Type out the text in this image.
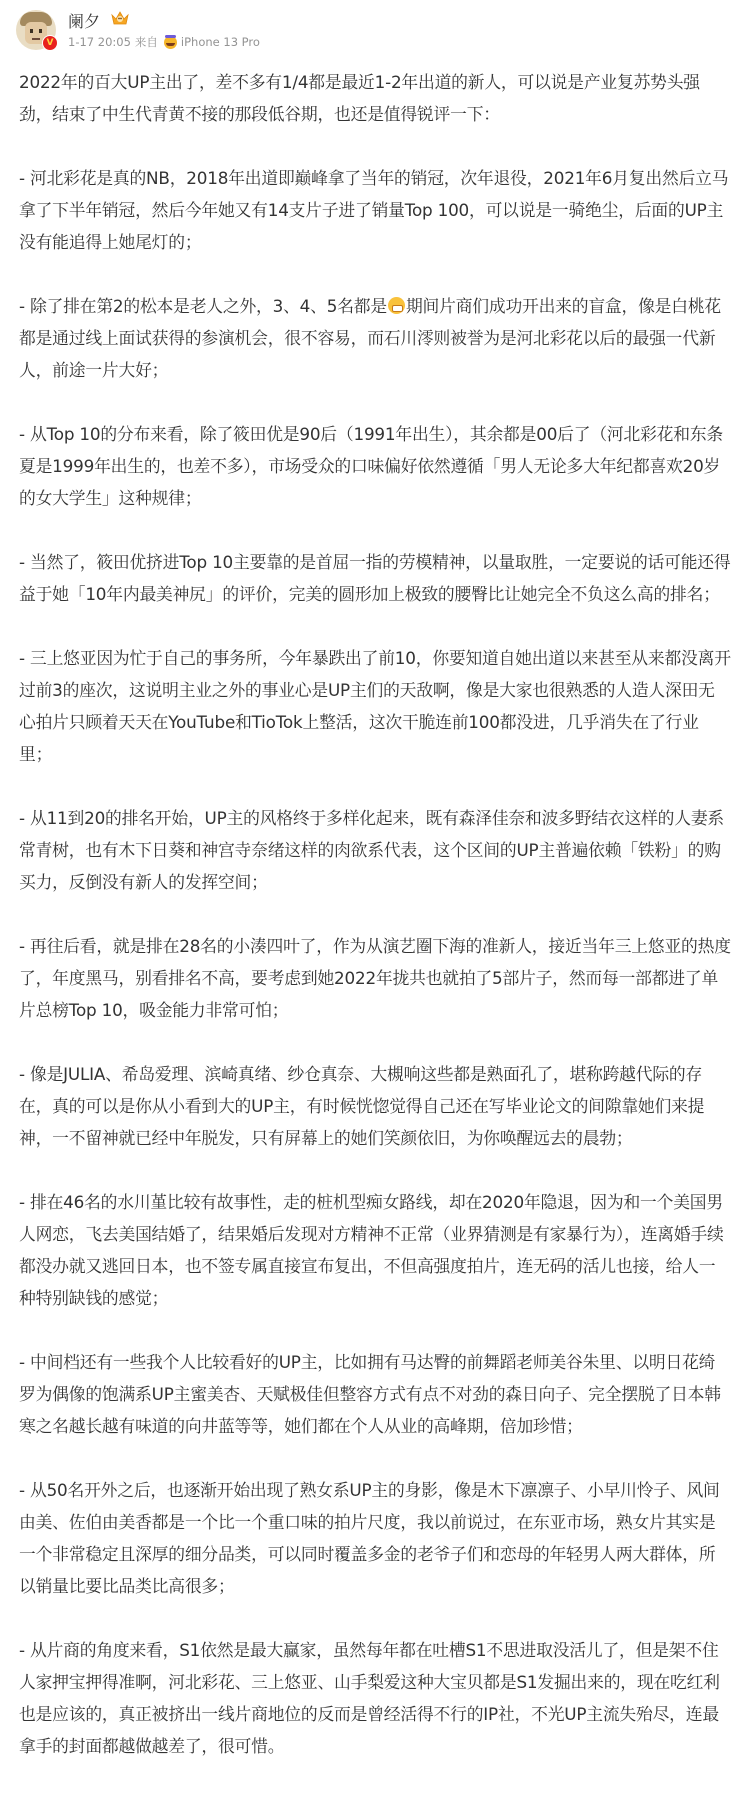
V
阑夕
1-17 20:05 来自 iPhone 13 Pro

2022年的百大UP主出了，差不多有1/4都是最近1-2年出道的新人，可以说是产业复苏势头强劲，结束了中生代青黄不接的那段低谷期，也还是值得锐评一下：

- 河北彩花是真的NB，2018年出道即巅峰拿了当年的销冠，次年退役，2021年6月复出然后立马拿了下半年销冠，然后今年她又有14支片子进了销量Top 100，可以说是一骑绝尘，后面的UP主没有能追得上她尾灯的；

- 除了排在第2的松本是老人之外，3、4、5名都是 期间片商们成功开出来的盲盒，像是白桃花都是通过线上面试获得的参演机会，很不容易，而石川澪则被誉为是河北彩花以后的最强一代新人，前途一片大好；

- 从Top 10的分布来看，除了筱田优是90后（1991年出生），其余都是00后了（河北彩花和东条夏是1999年出生的，也差不多），市场受众的口味偏好依然遵循「男人无论多大年纪都喜欢20岁的女大学生」这种规律；

- 当然了，筱田优挤进Top 10主要靠的是首屈一指的劳模精神，以量取胜，一定要说的话可能还得益于她「10年内最美神尻」的评价，完美的圆形加上极致的腰臀比让她完全不负这么高的排名；

- 三上悠亚因为忙于自己的事务所，今年暴跌出了前10，你要知道自她出道以来甚至从来都没离开过前3的座次，这说明主业之外的事业心是UP主们的天敌啊，像是大家也很熟悉的人造人深田无心拍片只顾着天天在YouTube和TioTok上整活，这次干脆连前100都没进，几乎消失在了行业里；

- 从11到20的排名开始，UP主的风格终于多样化起来，既有森泽佳奈和波多野结衣这样的人妻系常青树，也有木下日葵和神宫寺奈绪这样的肉欲系代表，这个区间的UP主普遍依赖「铁粉」的购买力，反倒没有新人的发挥空间；

- 再往后看，就是排在28名的小湊四叶了，作为从演艺圈下海的准新人，接近当年三上悠亚的热度了，年度黑马，别看排名不高，要考虑到她2022年拢共也就拍了5部片子，然而每一部都进了单片总榜Top 10，吸金能力非常可怕；

- 像是JULIA、希岛爱理、滨崎真绪、纱仓真奈、大槻响这些都是熟面孔了，堪称跨越代际的存在，真的可以是你从小看到大的UP主，有时候恍惚觉得自己还在写毕业论文的间隙靠她们来提神，一不留神就已经中年脱发，只有屏幕上的她们笑颜依旧，为你唤醒远去的晨勃；

- 排在46名的水川堇比较有故事性，走的桩机型痴女路线，却在2020年隐退，因为和一个美国男人网恋，飞去美国结婚了，结果婚后发现对方精神不正常（业界猜测是有家暴行为），连离婚手续都没办就又逃回日本，也不签专属直接宣布复出，不但高强度拍片，连无码的活儿也接，给人一种特别缺钱的感觉；

- 中间档还有一些我个人比较看好的UP主，比如拥有马达臀的前舞蹈老师美谷朱里、以明日花绮罗为偶像的饱满系UP主蜜美杏、天赋极佳但整容方式有点不对劲的森日向子、完全摆脱了日本韩寒之名越长越有味道的向井蓝等等，她们都在个人从业的高峰期，倍加珍惜；

- 从50名开外之后，也逐渐开始出现了熟女系UP主的身影，像是木下凛凛子、小早川怜子、风间由美、佐伯由美香都是一个比一个重口味的拍片尺度，我以前说过，在东亚市场，熟女片其实是一个非常稳定且深厚的细分品类，可以同时覆盖多金的老爷子们和恋母的年轻男人两大群体，所以销量比要比品类比高很多；

- 从片商的角度来看，S1依然是最大赢家，虽然每年都在吐槽S1不思进取没活儿了，但是架不住人家押宝押得准啊，河北彩花、三上悠亚、山手梨爱这种大宝贝都是S1发掘出来的，现在吃红利也是应该的，真正被挤出一线片商地位的反而是曾经活得不行的IP社，不光UP主流失殆尽，连最拿手的封面都越做越差了，很可惜。
